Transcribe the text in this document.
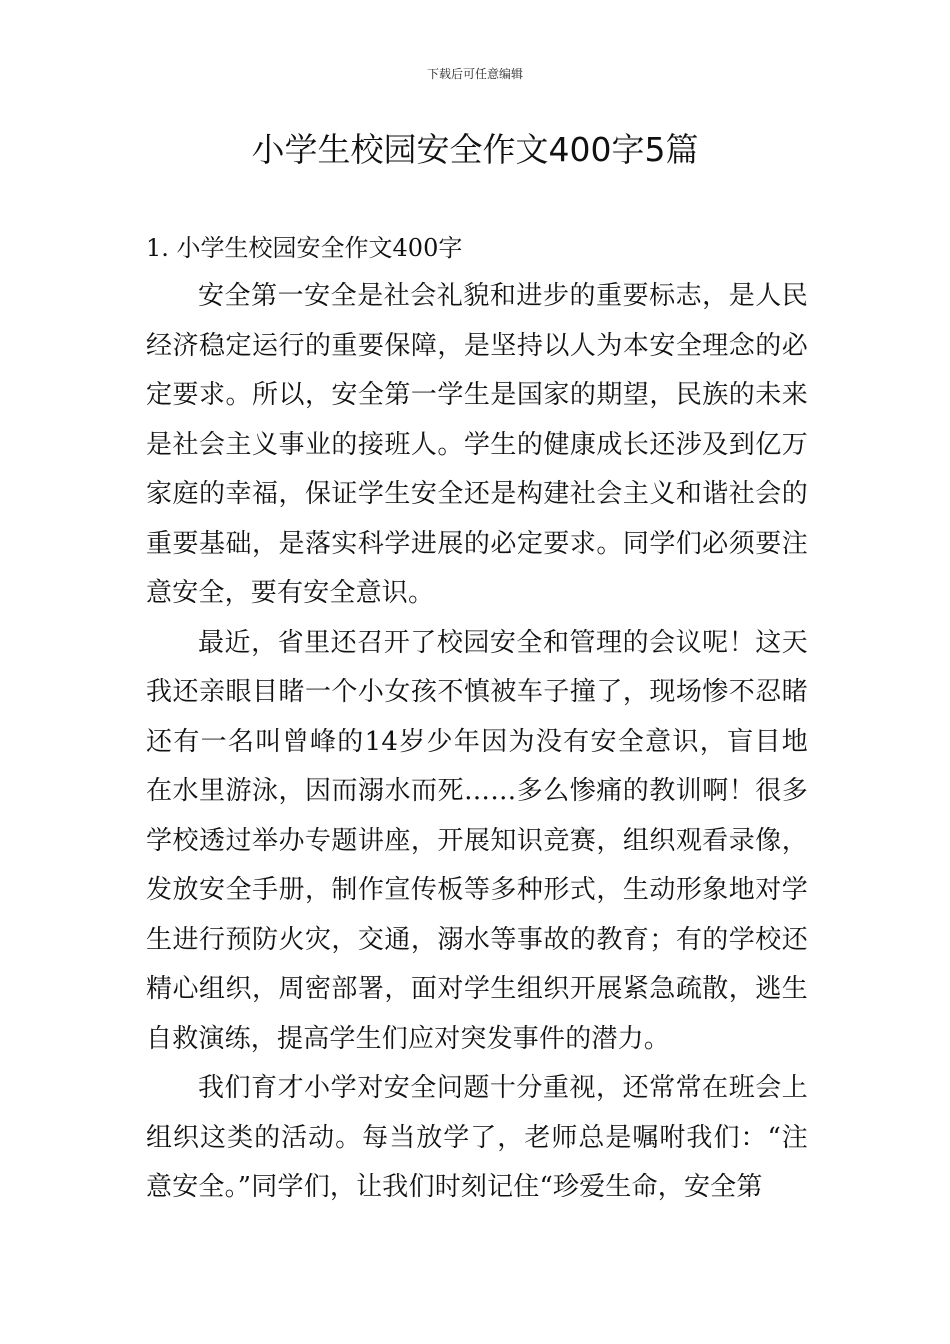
下载后可任意编辑
小学生校园安全作文400字5篇
1. 小学生校园安全作文400字

安全第一安全是社会礼貌和进步的重要标志，是人民经济稳定运行的重要保障，是坚持以人为本安全理念的必定要求。所以，安全第一学生是国家的期望，民族的未来是社会主义事业的接班人。学生的健康成长还涉及到亿万家庭的幸福，保证学生安全还是构建社会主义和谐社会的重要基础，是落实科学进展的必定要求。同学们必须要注意安全，要有安全意识。

最近，省里还召开了校园安全和管理的会议呢！这天我还亲眼目睹一个小女孩不慎被车子撞了，现场惨不忍睹还有一名叫曾峰的14岁少年因为没有安全意识，盲目地在水里游泳，因而溺水而死……多么惨痛的教训啊！很多学校透过举办专题讲座，开展知识竞赛，组织观看录像，发放安全手册，制作宣传板等多种形式，生动形象地对学生进行预防火灾，交通，溺水等事故的教育；有的学校还精心组织，周密部署，面对学生组织开展紧急疏散，逃生自救演练，提高学生们应对突发事件的潜力。

我们育才小学对安全问题十分重视，还常常在班会上组织这类的活动。每当放学了，老师总是嘱咐我们：“注意安全。”同学们，让我们时刻记住“珍爱生命，安全第
